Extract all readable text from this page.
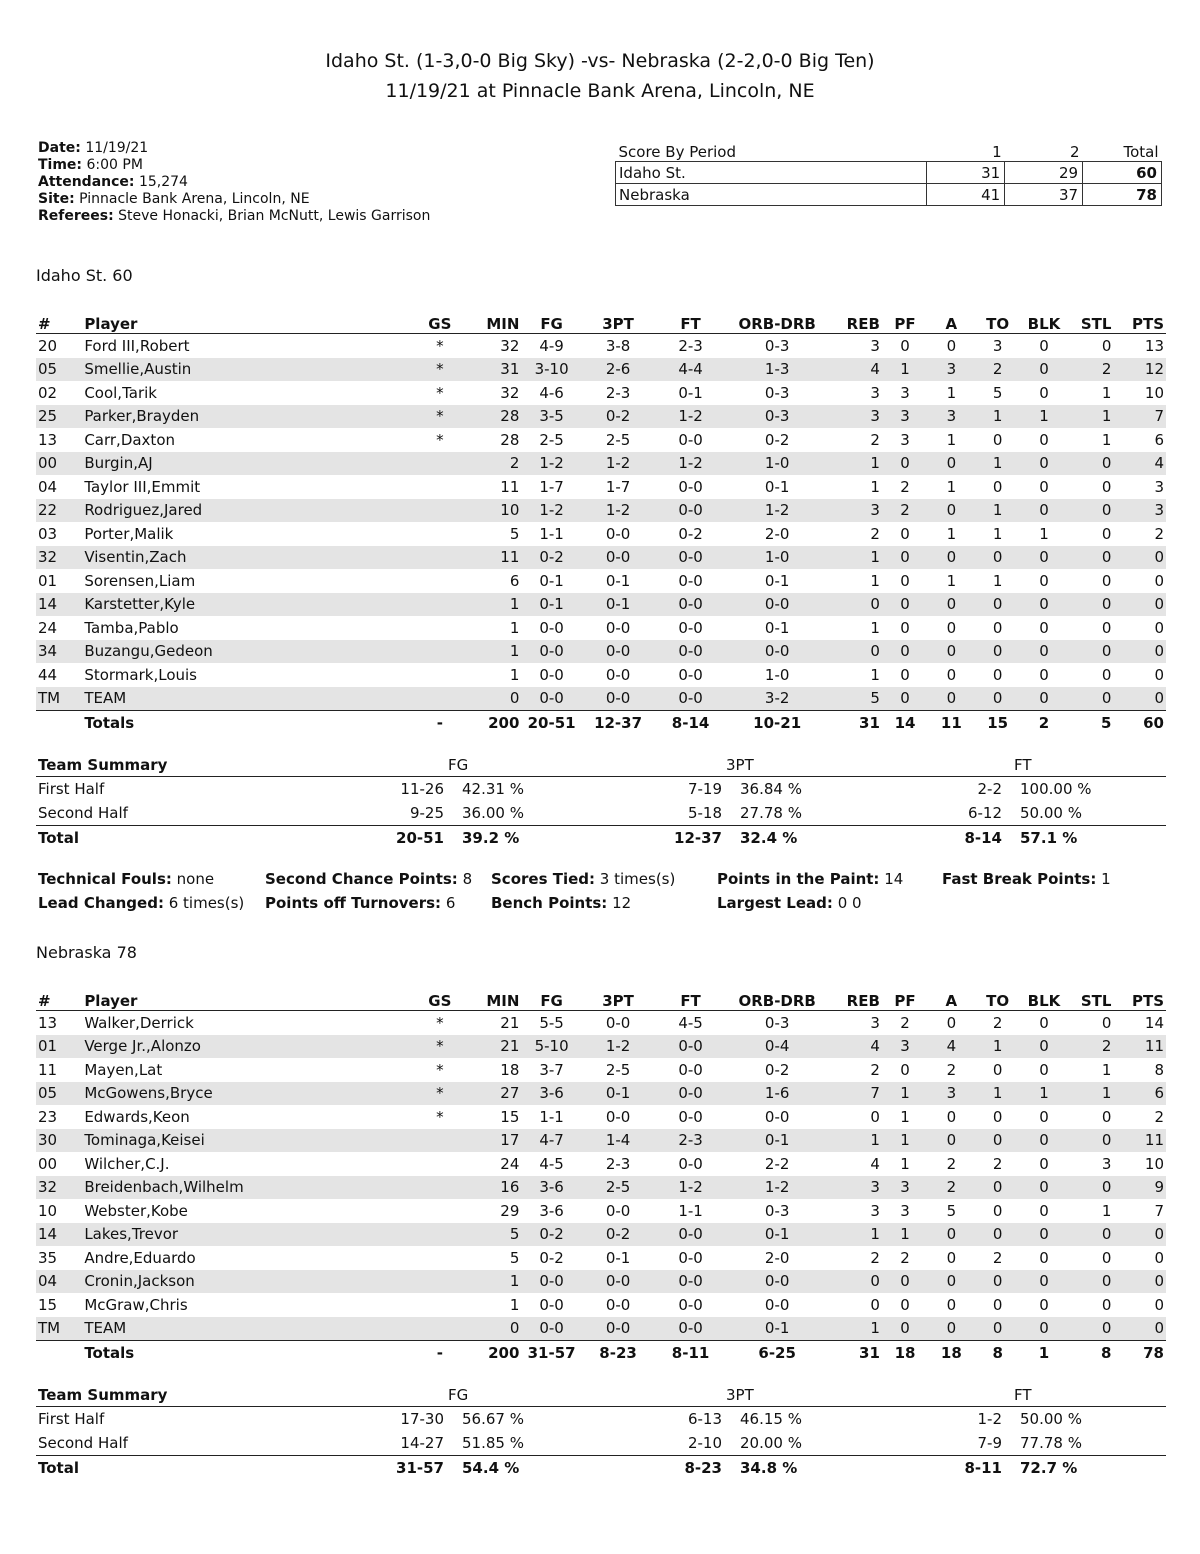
Idaho St. (1-3,0-0 Big Sky) -vs- Nebraska (2-2,0-0 Big Ten)
11/19/21 at Pinnacle Bank Arena, Lincoln, NE
Date: 11/19/21
Time: 6:00 PM
Attendance: 15,274
Site: Pinnacle Bank Arena, Lincoln, NE
Referees: Steve Honacki, Brian McNutt, Lewis Garrison
Score By Period	1	2	Total
Idaho St.	31	29	60
Nebraska	41	37	78
Idaho St. 60
#	Player	GS	MIN	FG	3PT	FT	ORB-DRB	REB	PF	A	TO	BLK	STL	PTS
20	Ford III,Robert	*	32	4-9	3-8	2-3	0-3	3	0	0	3	0	0	13
05	Smellie,Austin	*	31	3-10	2-6	4-4	1-3	4	1	3	2	0	2	12
02	Cool,Tarik	*	32	4-6	2-3	0-1	0-3	3	3	1	5	0	1	10
25	Parker,Brayden	*	28	3-5	0-2	1-2	0-3	3	3	3	1	1	1	7
13	Carr,Daxton	*	28	2-5	2-5	0-0	0-2	2	3	1	0	0	1	6
00	Burgin,AJ		2	1-2	1-2	1-2	1-0	1	0	0	1	0	0	4
04	Taylor III,Emmit		11	1-7	1-7	0-0	0-1	1	2	1	0	0	0	3
22	Rodriguez,Jared		10	1-2	1-2	0-0	1-2	3	2	0	1	0	0	3
03	Porter,Malik		5	1-1	0-0	0-2	2-0	2	0	1	1	1	0	2
32	Visentin,Zach		11	0-2	0-0	0-0	1-0	1	0	0	0	0	0	0
01	Sorensen,Liam		6	0-1	0-1	0-0	0-1	1	0	1	1	0	0	0
14	Karstetter,Kyle		1	0-1	0-1	0-0	0-0	0	0	0	0	0	0	0
24	Tamba,Pablo		1	0-0	0-0	0-0	0-1	1	0	0	0	0	0	0
34	Buzangu,Gedeon		1	0-0	0-0	0-0	0-0	0	0	0	0	0	0	0
44	Stormark,Louis		1	0-0	0-0	0-0	1-0	1	0	0	0	0	0	0
TM	TEAM		0	0-0	0-0	0-0	3-2	5	0	0	0	0	0	0
	Totals	-	200	20-51	12-37	8-14	10-21	31	14	11	15	2	5	60
Team Summary	FG	3PT	FT
First Half	11-26 42.31 %	7-19 36.84 %	2-2 100.00 %
Second Half	9-25 36.00 %	5-18 27.78 %	6-12 50.00 %
Total	20-51 39.2 %	12-37 32.4 %	8-14 57.1 %
Technical Fouls: none	Second Chance Points: 8 Scores Tied: 3 times(s)	Points in the Paint: 14	Fast Break Points: 1
Lead Changed: 6 times(s) Points off Turnovers: 6 Bench Points: 12	Largest Lead: 0 0
Nebraska 78
#	Player	GS	MIN	FG	3PT	FT	ORB-DRB	REB	PF	A	TO	BLK	STL	PTS
13	Walker,Derrick	*	21	5-5	0-0	4-5	0-3	3	2	0	2	0	0	14
01	Verge Jr.,Alonzo	*	21	5-10	1-2	0-0	0-4	4	3	4	1	0	2	11
11	Mayen,Lat	*	18	3-7	2-5	0-0	0-2	2	0	2	0	0	1	8
05	McGowens,Bryce	*	27	3-6	0-1	0-0	1-6	7	1	3	1	1	1	6
23	Edwards,Keon	*	15	1-1	0-0	0-0	0-0	0	1	0	0	0	0	2
30	Tominaga,Keisei		17	4-7	1-4	2-3	0-1	1	1	0	0	0	0	11
00	Wilcher,C.J.		24	4-5	2-3	0-0	2-2	4	1	2	2	0	3	10
32	Breidenbach,Wilhelm		16	3-6	2-5	1-2	1-2	3	3	2	0	0	0	9
10	Webster,Kobe		29	3-6	0-0	1-1	0-3	3	3	5	0	0	1	7
14	Lakes,Trevor		5	0-2	0-2	0-0	0-1	1	1	0	0	0	0	0
35	Andre,Eduardo		5	0-2	0-1	0-0	2-0	2	2	0	2	0	0	0
04	Cronin,Jackson		1	0-0	0-0	0-0	0-0	0	0	0	0	0	0	0
15	McGraw,Chris		1	0-0	0-0	0-0	0-0	0	0	0	0	0	0	0
TM	TEAM		0	0-0	0-0	0-0	0-1	1	0	0	0	0	0	0
	Totals	-	200	31-57	8-23	8-11	6-25	31	18	18	8	1	8	78
Team Summary	FG	3PT	FT
First Half	17-30 56.67 %	6-13 46.15 %	1-2 50.00 %
Second Half	14-27 51.85 %	2-10 20.00 %	7-9 77.78 %
Total	31-57 54.4 %	8-23 34.8 %	8-11 72.7 %
